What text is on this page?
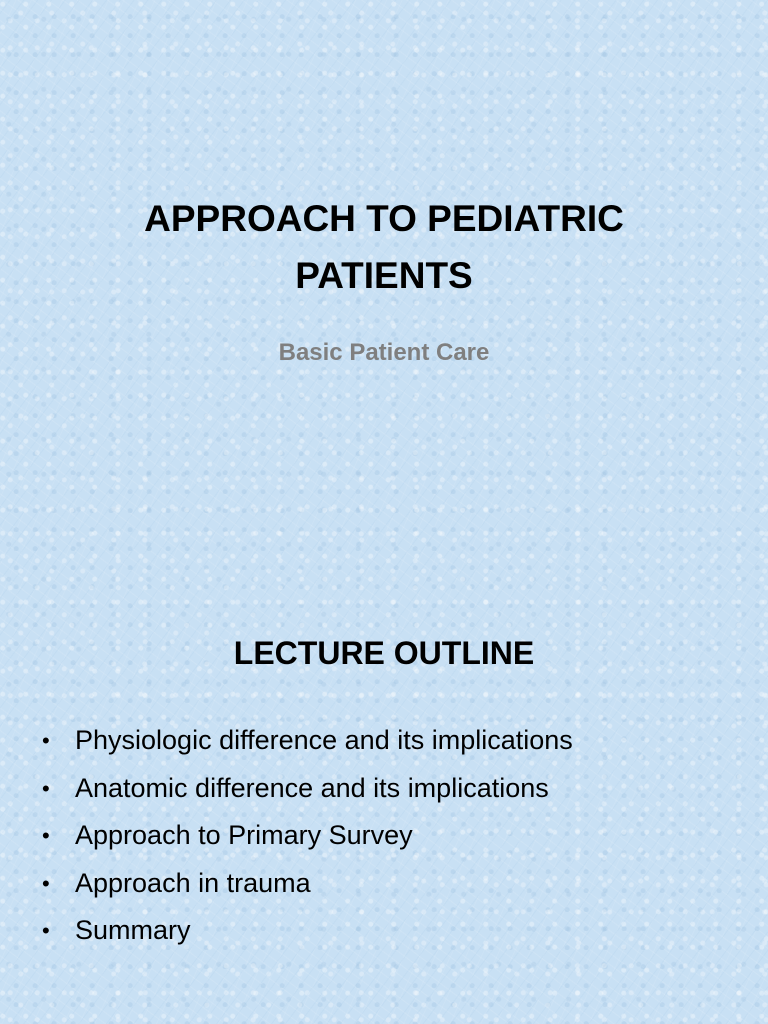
APPROACH TO PEDIATRIC
PATIENTS

Basic Patient Care

LECTURE OUTLINE
• Physiologic difference and its implications
• Anatomic difference and its implications
• Approach to Primary Survey
• Approach in trauma
• Summary
